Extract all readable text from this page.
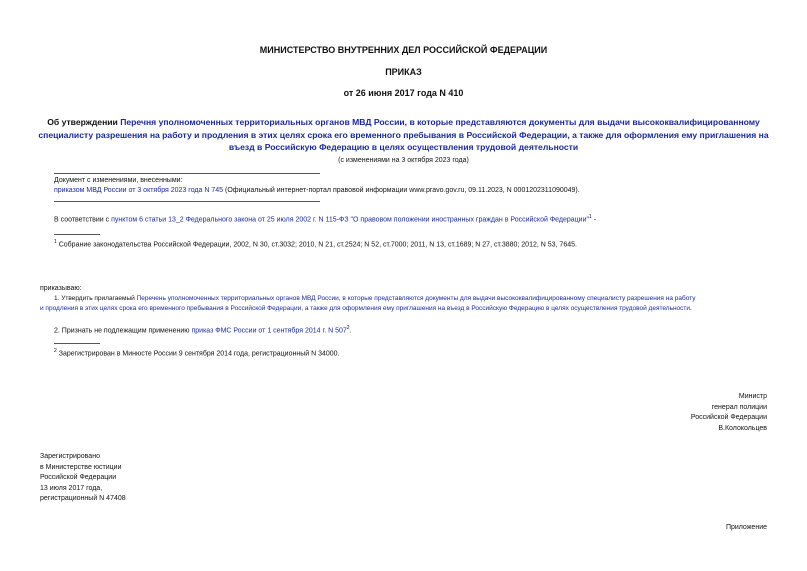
МИНИСТЕРСТВО ВНУТРЕННИХ ДЕЛ РОССИЙСКОЙ ФЕДЕРАЦИИ
ПРИКАЗ
от 26 июня 2017 года N 410
Об утверждении Перечня уполномоченных территориальных органов МВД России, в которые представляются документы для выдачи высококвалифицированному специалисту разрешения на работу и продления в этих целях срока его временного пребывания в Российской Федерации, а также для оформления ему приглашения на въезд в Российскую Федерацию в целях осуществления трудовой деятельности
(с изменениями на 3 октября 2023 года)
Документ с изменениями, внесенными:
приказом МВД России от 3 октября 2023 года N 745 (Официальный интернет-портал правовой информации www.pravo.gov.ru, 09.11.2023, N 0001202311090049).
В соответствии с пунктом 6 статьи 13_2 Федерального закона от 25 июля 2002 г. N 115-ФЗ "О правовом положении иностранных граждан в Российской Федерации"$^1$ -
$^1$ Собрание законодательства Российской Федерации, 2002, N 30, ст.3032; 2010, N 21, ст.2524; N 52, ст.7000; 2011, N 13, ст.1689; N 27, ст.3880; 2012, N 53, 7645.
приказываю:
1. Утвердить прилагаемый Перечень уполномоченных территориальных органов МВД России, в которые представляются документы для выдачи высококвалифицированному специалисту разрешения на работу
и продления в этих целях срока его временного пребывания в Российской Федерации, а также для оформления ему приглашения на въезд в Российскую Федерацию в целях осуществления трудовой деятельности.
2. Признать не подлежащим применению приказ ФМС России от 1 сентября 2014 г. N $507^2$.
$^2$ Зарегистрирован в Минюсте России 9 сентября 2014 года, регистрационный N 34000.
Министр
генерал полиции
Российской Федерации
В.Колокольцев
Зарегистрировано
в Министерстве юстиции
Российской Федерации
13 июля 2017 года,
регистрационный N 47408
Приложение
